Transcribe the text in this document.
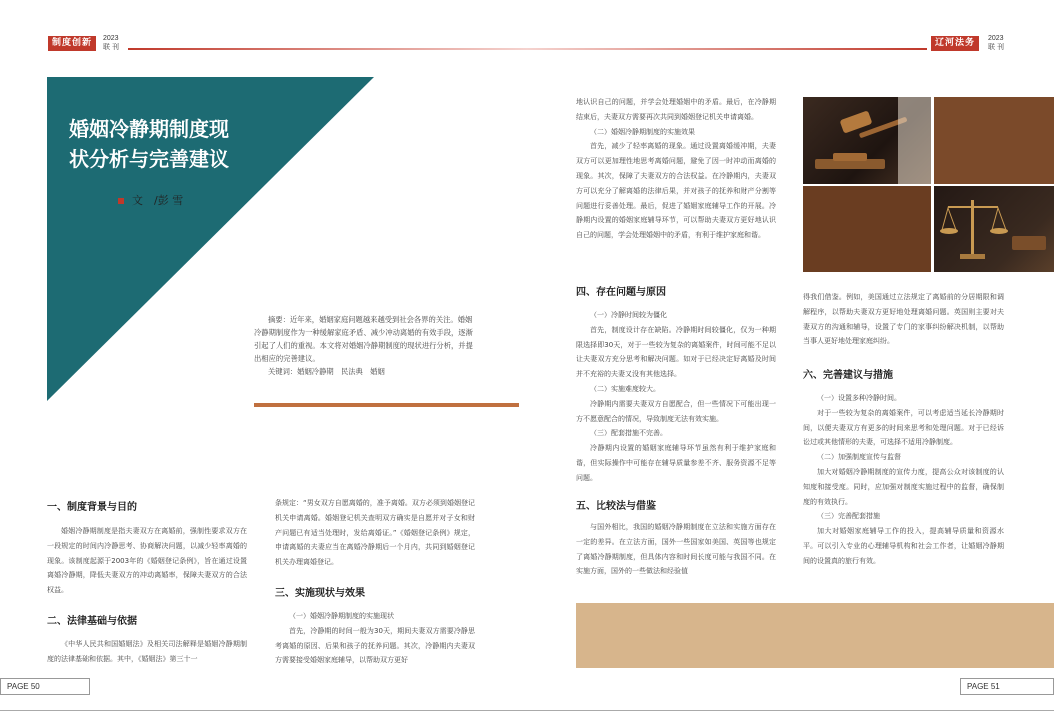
制度创新	2023
联 刊
婚姻冷静期制度现
状分析与完善建议
文　/彭 雪

摘要：近年来，婚姻家庭问题越来越受到社会各界的关注。婚姻冷静期制度作为一种缓解家庭矛盾、减少冲动离婚的有效手段，逐渐引起了人们的重视。本文将对婚姻冷静期制度的现状进行分析，并提出相应的完善建议。

关键词：婚姻冷静期　民法典　婚姻

一、制度背景与目的

婚姻冷静期制度是指夫妻双方在离婚前，强制性要求双方在一段规定的时间内冷静思考、协商解决问题，以减少轻率离婚的现象。该制度起源于2003年的《婚姻登记条例》，旨在通过设置离婚冷静期，降低夫妻双方的冲动离婚率，保障夫妻双方的合法权益。

二、法律基础与依据

《中华人民共和国婚姻法》及相关司法解释是婚姻冷静期制度的法律基础和依据。其中，《婚姻法》第三十一

条规定：“男女双方自愿离婚的，准予离婚。双方必须到婚姻登记机关申请离婚。婚姻登记机关查明双方确实是自愿并对子女和财产问题已有适当处理时，发给离婚证。”《婚姻登记条例》规定，申请离婚的夫妻应当在离婚冷静期后一个月内，共同到婚姻登记机关办理离婚登记。

三、实施现状与效果

（一）婚姻冷静期制度的实施现状

首先，冷静期的时间一般为30天，期间夫妻双方需要冷静思考离婚的原因、后果和孩子的抚养问题。其次，冷静期内夫妻双方需要接受婚姻家庭辅导，以帮助双方更好

PAGE 50
辽河法务	2023
联 刊

地认识自己的问题，并学会处理婚姻中的矛盾。最后，在冷静期结束后，夫妻双方需要再次共同到婚姻登记机关申请离婚。

（二）婚姻冷静期制度的实施效果

首先，减少了轻率离婚的现象。通过设置离婚缓冲期，夫妻双方可以更加理性地思考离婚问题，避免了因一时冲动而离婚的现象。其次，保障了夫妻双方的合法权益。在冷静期内，夫妻双方可以充分了解离婚的法律后果，并对孩子的抚养和财产分割等问题进行妥善处理。最后，促进了婚姻家庭辅导工作的开展。冷静期内设置的婚姻家庭辅导环节，可以帮助夫妻双方更好地认识自己的问题，学会处理婚姻中的矛盾，有利于维护家庭和谐。

四、存在问题与原因

（一）冷静时间较为僵化

首先，制度设计存在缺陷。冷静期时间较僵化，仅为一种期限选择即30天，对于一些较为复杂的离婚案件，时间可能不足以让夫妻双方充分思考和解决问题。如对于已经决定好离婚及时间并不充裕的夫妻又没有其他选择。

（二）实施难度较大。

冷静期内需要夫妻双方自愿配合，但一些情况下可能出现一方不愿意配合的情况，导致制度无法有效实施。

（三）配套措施不完善。

冷静期内设置的婚姻家庭辅导环节虽然有利于维护家庭和谐，但实际操作中可能存在辅导质量参差不齐、服务资源不足等问题。

五、比较法与借鉴

与国外相比，我国的婚姻冷静期制度在立法和实施方面存在一定的差异。在立法方面，国外一些国家如美国、英国等也规定了离婚冷静期制度，但具体内容和时间长度可能与我国不同。在实施方面，国外的一些做法和经验值

得我们借鉴。例如，美国通过立法规定了离婚前的分居期限和调解程序，以帮助夫妻双方更好地处理离婚问题。英国则主要对夫妻双方的沟通和辅导，设置了专门的家事纠纷解决机制，以帮助当事人更好地处理家庭纠纷。

六、完善建议与措施

（一）设置多种冷静时间。

对于一些较为复杂的离婚案件，可以考虑适当延长冷静期时间，以便夫妻双方有更多的时间来思考和处理问题。对于已经诉讼过或其他情形的夫妻，可选择不适用冷静制度。

（二）加强制度宣传与监督

加大对婚姻冷静期制度的宣传力度，提高公众对该制度的认知度和接受度。同时，应加强对制度实施过程中的监督，确保制度的有效执行。

（三）完善配套措施

加大对婚姻家庭辅导工作的投入，提高辅导质量和资源水平。可以引入专业的心理辅导机构和社会工作者，让婚姻冷静期间的设置真的旅行有效。

PAGE 51
